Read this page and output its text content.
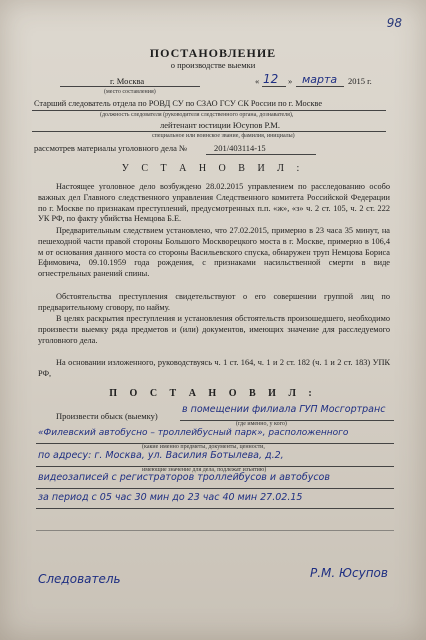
98
ПОСТАНОВЛЕНИЕ
о производстве выемки
г. Москва
(место составления)
« 12 » марта 2015 г.
Старший следователь отдела по РОВД СУ по СЗАО ГСУ СК России по г. Москве
(должность следователя (руководителя следственного органа, дознавателя),
лейтенант юстиции Юсупов Р.М.
специальное или воинское звание, фамилия, инициалы)
рассмотрев материалы уголовного дела №	201/403114-15
У С Т А Н О В И Л :
Настоящее уголовное дело возбуждено 28.02.2015 управлением по расследованию особо важных дел Главного следственного управления Следственного комитета Российской Федерации по г. Москве по признакам преступлений, предусмотренных п.п. «ж», «з» ч. 2 ст. 105, ч. 2 ст. 222 УК РФ, по факту убийства Немцова Б.Е.
Предварительным следствием установлено, что 27.02.2015, примерно в 23 часа 35 минут, на пешеходной части правой стороны Большого Москворецкого моста в г. Москве, примерно в 106,4 м от основания данного моста со стороны Васильевского спуска, обнаружен труп Немцова Бориса Ефимовича, 09.10.1959 года рождения, с признаками насильственной смерти в виде огнестрельных ранений спины.
Обстоятельства преступления свидетельствуют о его совершении группой лиц по предварительному сговору, по найму.
В целях раскрытия преступления и установления обстоятельств произошедшего, необходимо произвести выемку ряда предметов и (или) документов, имеющих значение для расследуемого уголовного дела.
На основании изложенного, руководствуясь ч. 1 ст. 164, ч. 1 и 2 ст. 182 (ч. 1 и 2 ст. 183) УПК РФ,
П О С Т А Н О В И Л :
Произвести обыск (выемку)
в помещении филиала ГУП Мосгортранс
(где именно, у кого)
«Филевский автобусно – троллейбусный парк», расположенного
(какие именно предметы, документы, ценности,
по адресу: г. Москва, ул. Василия Ботылева, д.2,
имеющие значение для дела, подлежат изъятию)
видеозаписей с регистраторов троллейбусов и автобусов
за период с 05 час 30 мин до 23 час 40 мин 27.02.15
Следователь	Р.М. Юсупов
